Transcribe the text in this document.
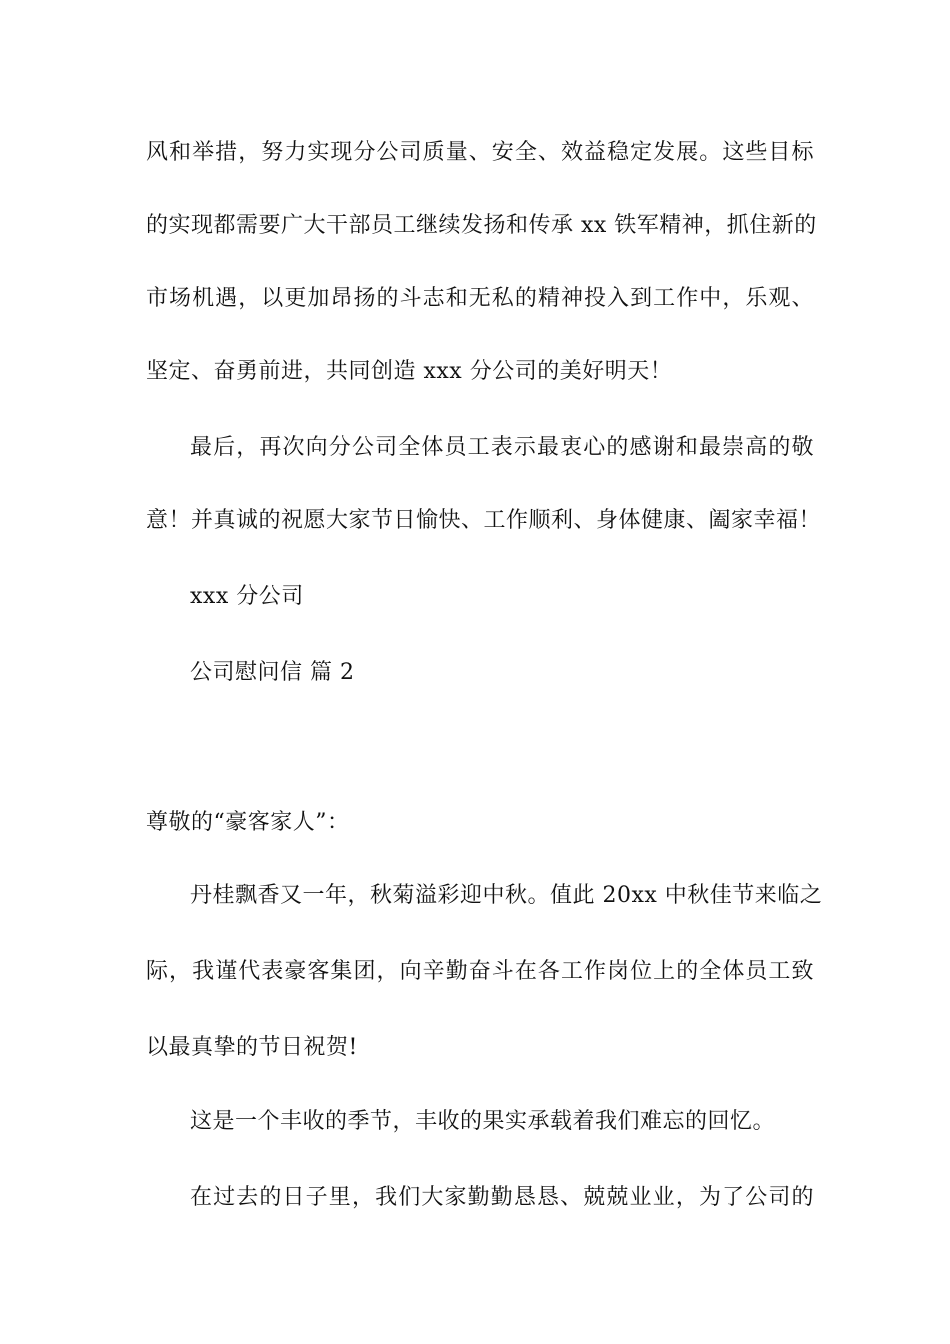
风和举措，努力实现分公司质量、安全、效益稳定发展。这些目标
的实现都需要广大干部员工继续发扬和传承 xx 铁军精神，抓住新的
市场机遇，以更加昂扬的斗志和无私的精神投入到工作中，乐观、
坚定、奋勇前进，共同创造 xxx 分公司的美好明天！
最后，再次向分公司全体员工表示最衷心的感谢和最崇高的敬
意！并真诚的祝愿大家节日愉快、工作顺利、身体健康、阖家幸福！
xxx 分公司
公司慰问信 篇 2
尊敬的“豪客家人”：
丹桂飘香又一年，秋菊溢彩迎中秋。值此 20xx 中秋佳节来临之
际，我谨代表豪客集团，向辛勤奋斗在各工作岗位上的全体员工致
以最真挚的节日祝贺!
这是一个丰收的季节，丰收的果实承载着我们难忘的回忆。
在过去的日子里，我们大家勤勤恳恳、兢兢业业，为了公司的
